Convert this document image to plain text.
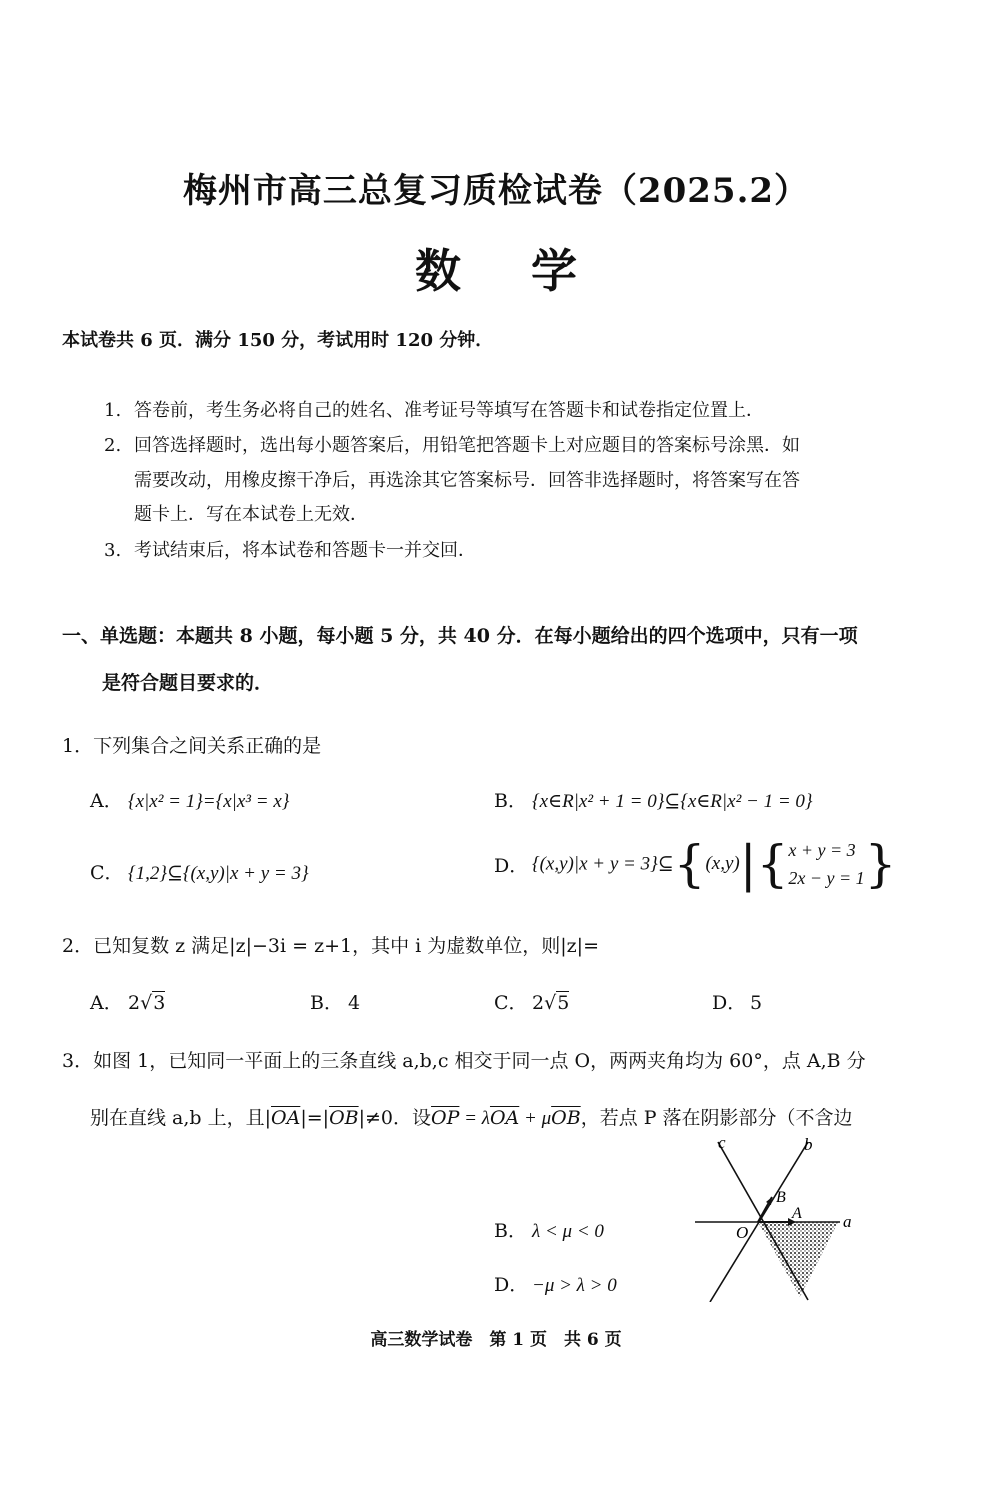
梅州市高三总复习质检试卷（2025.2）
数学
本试卷共 6 页．满分 150 分，考试用时 120 分钟．
1. 答卷前，考生务必将自己的姓名、准考证号等填写在答题卡和试卷指定位置上．
2. 回答选择题时，选出每小题答案后，用铅笔把答题卡上对应题目的答案标号涂黑．如
需要改动，用橡皮擦干净后，再选涂其它答案标号．回答非选择题时，将答案写在答
题卡上．写在本试卷上无效．
3. 考试结束后，将本试卷和答题卡一并交回．
一、单选题：本题共 8 小题，每小题 5 分，共 40 分．在每小题给出的四个选项中，只有一项
是符合题目要求的．
1．下列集合之间关系正确的是
A． {x|x² = 1}={x|x³ = x}	B． {x∈R|x² + 1 = 0}⊆{x∈R|x² − 1 = 0}
C． {1,2}⊆{(x,y)|x + y = 3}	D． {(x,y)|x + y = 3}⊆{(x,y)|{ x + y = 3
2x − y = 1 }
2．已知复数 z 满足|z|−3i = z+1，其中 i 为虚数单位，则|z|=
A． 2√3	B． 4	C． 2√5	D． 5
3．如图 1，已知同一平面上的三条直线 a,b,c 相交于同一点 O，两两夹角均为 60°，点 A,B 分
别在直线 a,b 上，且$|\overline{OA}|=|\overline{OB}|\ne 0$．设$\overline{OP} = \lambda\overline{OA} + \mu\overline{OB}$，若点 P 落在阴影部分（不含边
B． λ < μ < 0
D． −μ > λ > 0
c	b
B
A
O
a
高三数学试卷　第 1 页　共 6 页
